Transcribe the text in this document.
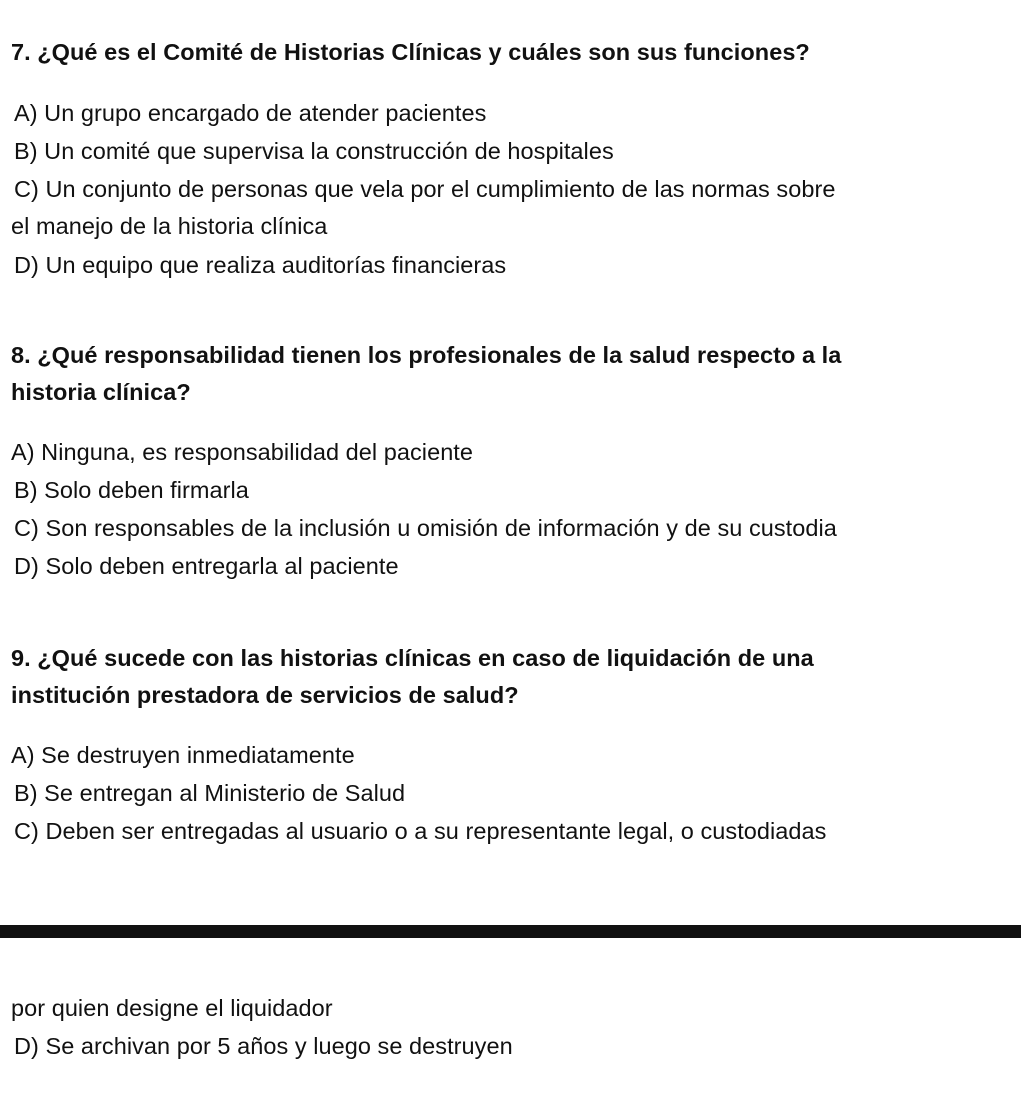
7. ¿Qué es el Comité de Historias Clínicas y cuáles son sus funciones?
A) Un grupo encargado de atender pacientes
B) Un comité que supervisa la construcción de hospitales
C) Un conjunto de personas que vela por el cumplimiento de las normas sobre
el manejo de la historia clínica
D) Un equipo que realiza auditorías financieras
8. ¿Qué responsabilidad tienen los profesionales de la salud respecto a la
historia clínica?
A) Ninguna, es responsabilidad del paciente
B) Solo deben firmarla
C) Son responsables de la inclusión u omisión de información y de su custodia
D) Solo deben entregarla al paciente
9. ¿Qué sucede con las historias clínicas en caso de liquidación de una
institución prestadora de servicios de salud?
A) Se destruyen inmediatamente
B) Se entregan al Ministerio de Salud
C) Deben ser entregadas al usuario o a su representante legal, o custodiadas
por quien designe el liquidador
D) Se archivan por 5 años y luego se destruyen
